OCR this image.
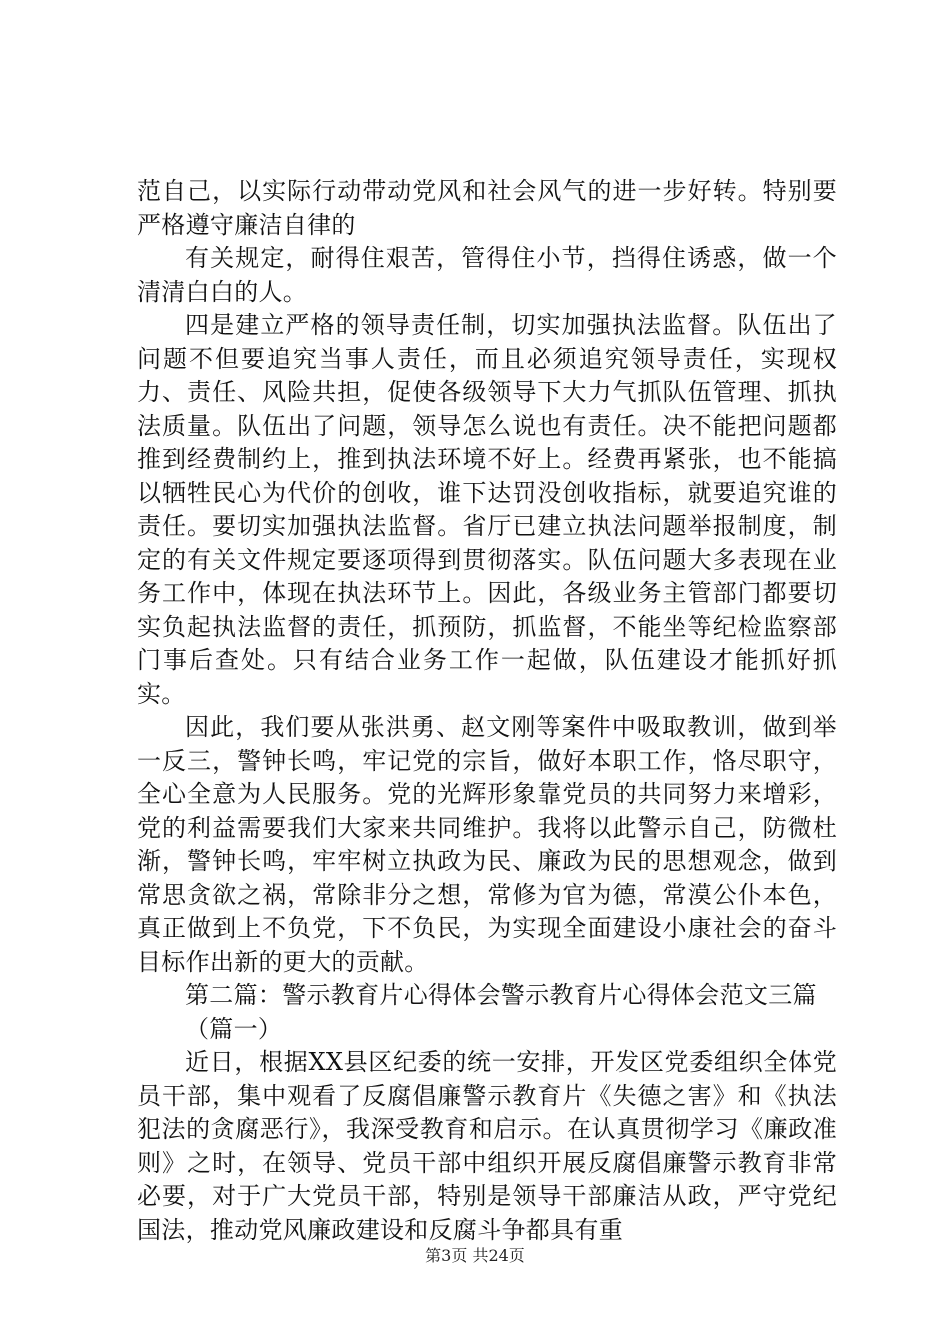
范自己，以实际行动带动党风和社会风气的进一步好转。特别要严格遵守廉洁自律的

有关规定，耐得住艰苦，管得住小节，挡得住诱惑，做一个清清白白的人。

四是建立严格的领导责任制，切实加强执法监督。队伍出了问题不但要追究当事人责任，而且必须追究领导责任，实现权力、责任、风险共担，促使各级领导下大力气抓队伍管理、抓执法质量。队伍出了问题，领导怎么说也有责任。决不能把问题都推到经费制约上，推到执法环境不好上。经费再紧张，也不能搞以牺牲民心为代价的创收，谁下达罚没创收指标，就要追究谁的责任。要切实加强执法监督。省厅已建立执法问题举报制度，制定的有关文件规定要逐项得到贯彻落实。队伍问题大多表现在业务工作中，体现在执法环节上。因此，各级业务主管部门都要切实负起执法监督的责任，抓预防，抓监督，不能坐等纪检监察部门事后查处。只有结合业务工作一起做，队伍建设才能抓好抓实。

因此，我们要从张洪勇、赵文刚等案件中吸取教训，做到举一反三，警钟长鸣，牢记党的宗旨，做好本职工作，恪尽职守，全心全意为人民服务。党的光辉形象靠党员的共同努力来增彩，党的利益需要我们大家来共同维护。我将以此警示自己，防微杜渐，警钟长鸣，牢牢树立执政为民、廉政为民的思想观念，做到常思贪欲之祸，常除非分之想，常修为官为德，常漠公仆本色，真正做到上不负党，下不负民，为实现全面建设小康社会的奋斗目标作出新的更大的贡献。

第二篇：警示教育片心得体会警示教育片心得体会范文三篇

（篇一）

近日，根据XX县区纪委的统一安排，开发区党委组织全体党员干部，集中观看了反腐倡廉警示教育片《失德之害》和《执法犯法的贪腐恶行》，我深受教育和启示。在认真贯彻学习《廉政准则》之时，在领导、党员干部中组织开展反腐倡廉警示教育非常必要，对于广大党员干部，特别是领导干部廉洁从政，严守党纪国法，推动党风廉政建设和反腐斗争都具有重

第3页 共24页
